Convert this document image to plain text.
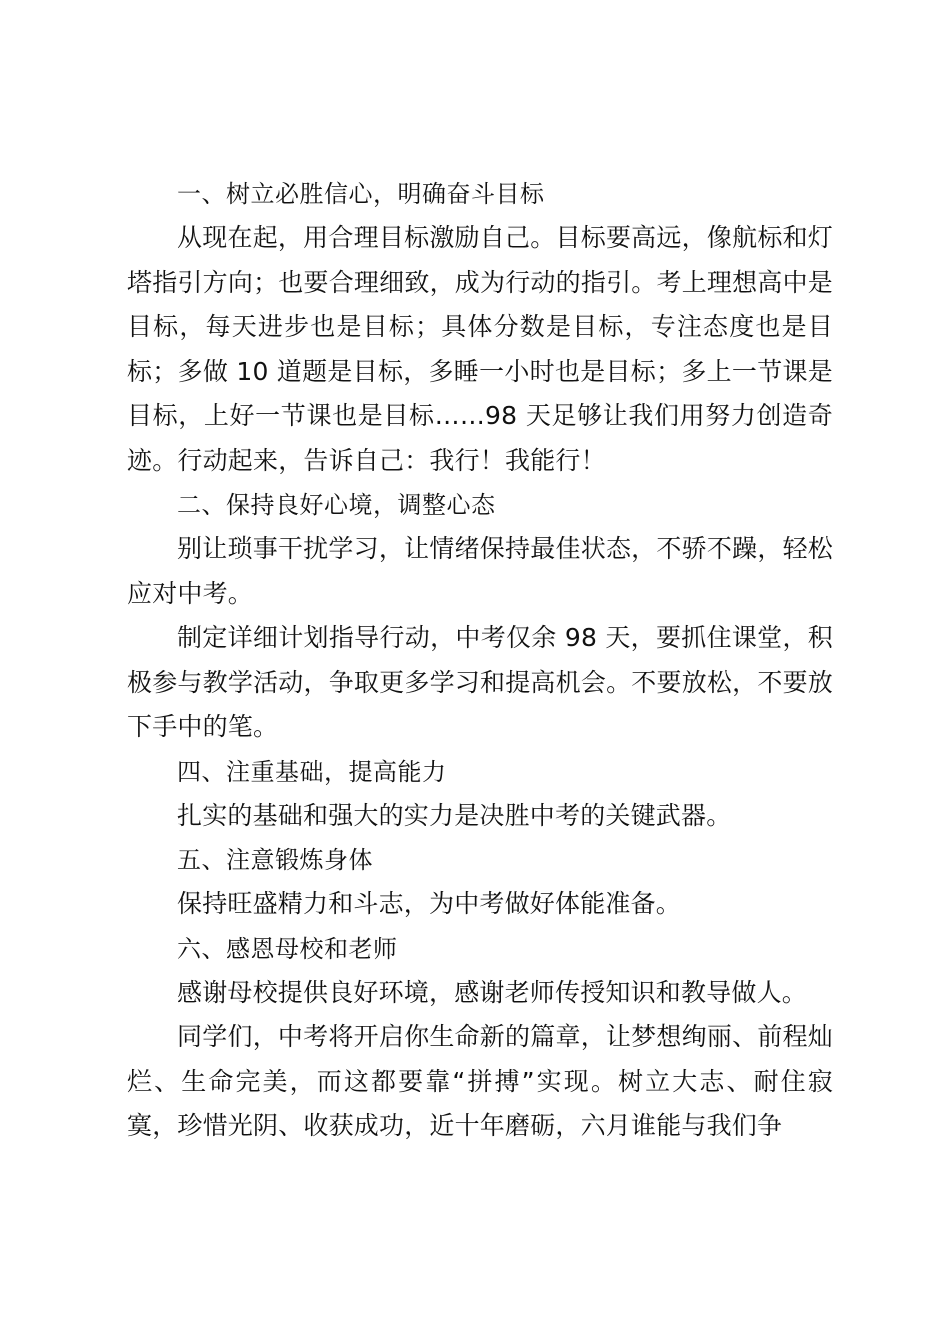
一、树立必胜信心，明确奋斗目标

从现在起，用合理目标激励自己。目标要高远，像航标和灯塔指引方向；也要合理细致，成为行动的指引。考上理想高中是目标，每天进步也是目标；具体分数是目标，专注态度也是目标；多做 10 道题是目标，多睡一小时也是目标；多上一节课是目标，上好一节课也是目标……98 天足够让我们用努力创造奇迹。行动起来，告诉自己：我行！我能行！

二、保持良好心境，调整心态

别让琐事干扰学习，让情绪保持最佳状态，不骄不躁，轻松应对中考。

制定详细计划指导行动，中考仅余 98 天，要抓住课堂，积极参与教学活动，争取更多学习和提高机会。不要放松，不要放下手中的笔。

四、注重基础，提高能力

扎实的基础和强大的实力是决胜中考的关键武器。

五、注意锻炼身体

保持旺盛精力和斗志，为中考做好体能准备。

六、感恩母校和老师

感谢母校提供良好环境，感谢老师传授知识和教导做人。

同学们，中考将开启你生命新的篇章，让梦想绚丽、前程灿烂、生命完美，而这都要靠“拼搏”实现。树立大志、耐住寂寞，珍惜光阴、收获成功，近十年磨砺，六月谁能与我们争
